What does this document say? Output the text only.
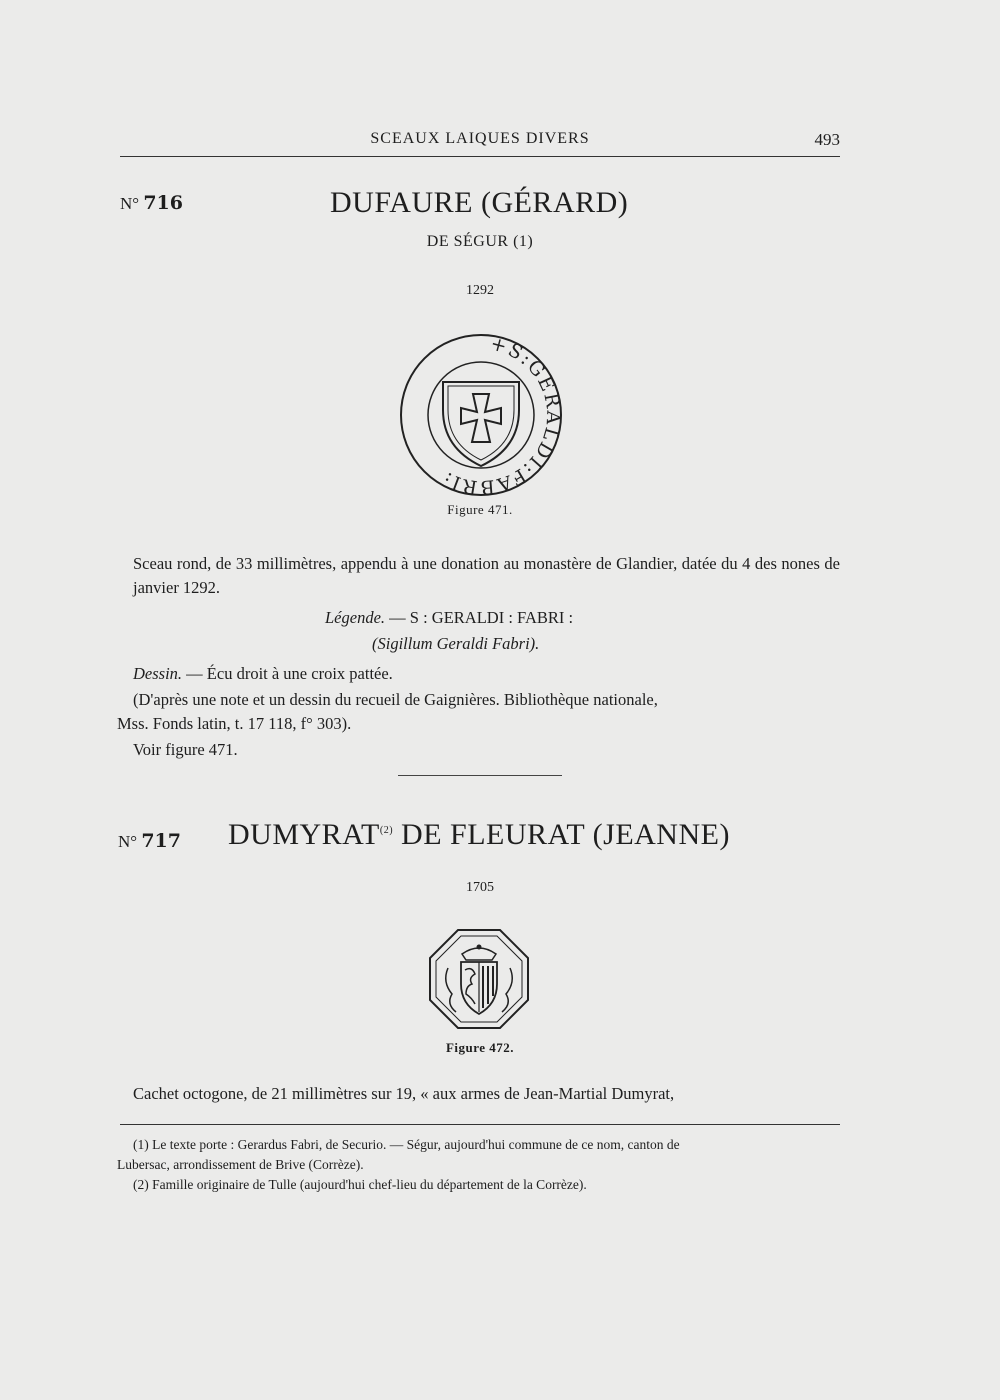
SCEAUX LAIQUES DIVERS	493
N° 716	DUFAURE (GÉRARD)
DE SÉGUR (1)
1292
+S:GERALDI:FABRI:
Figure 471.
Sceau rond, de 33 millimètres, appendu à une donation au monastère de Glandier, datée du 4 des nones de janvier 1292.
Légende. — S : GERALDI : FABRI :
(Sigillum Geraldi Fabri).
Dessin. — Écu droit à une croix pattée.
(D'après une note et un dessin du recueil de Gaignières. Bibliothèque nationale,
Mss. Fonds latin, t. 17 118, f° 303).
Voir figure 471.
N° 717 DUMYRAT$^{(2)}$ DE FLEURAT (JEANNE)
1705
Figure 472.
Cachet octogone, de 21 millimètres sur 19, « aux armes de Jean-Martial Dumyrat,
(1) Le texte porte : Gerardus Fabri, de Securio. — Ségur, aujourd'hui commune de ce nom, canton de
Lubersac, arrondissement de Brive (Corrèze).
(2) Famille originaire de Tulle (aujourd'hui chef-lieu du département de la Corrèze).
